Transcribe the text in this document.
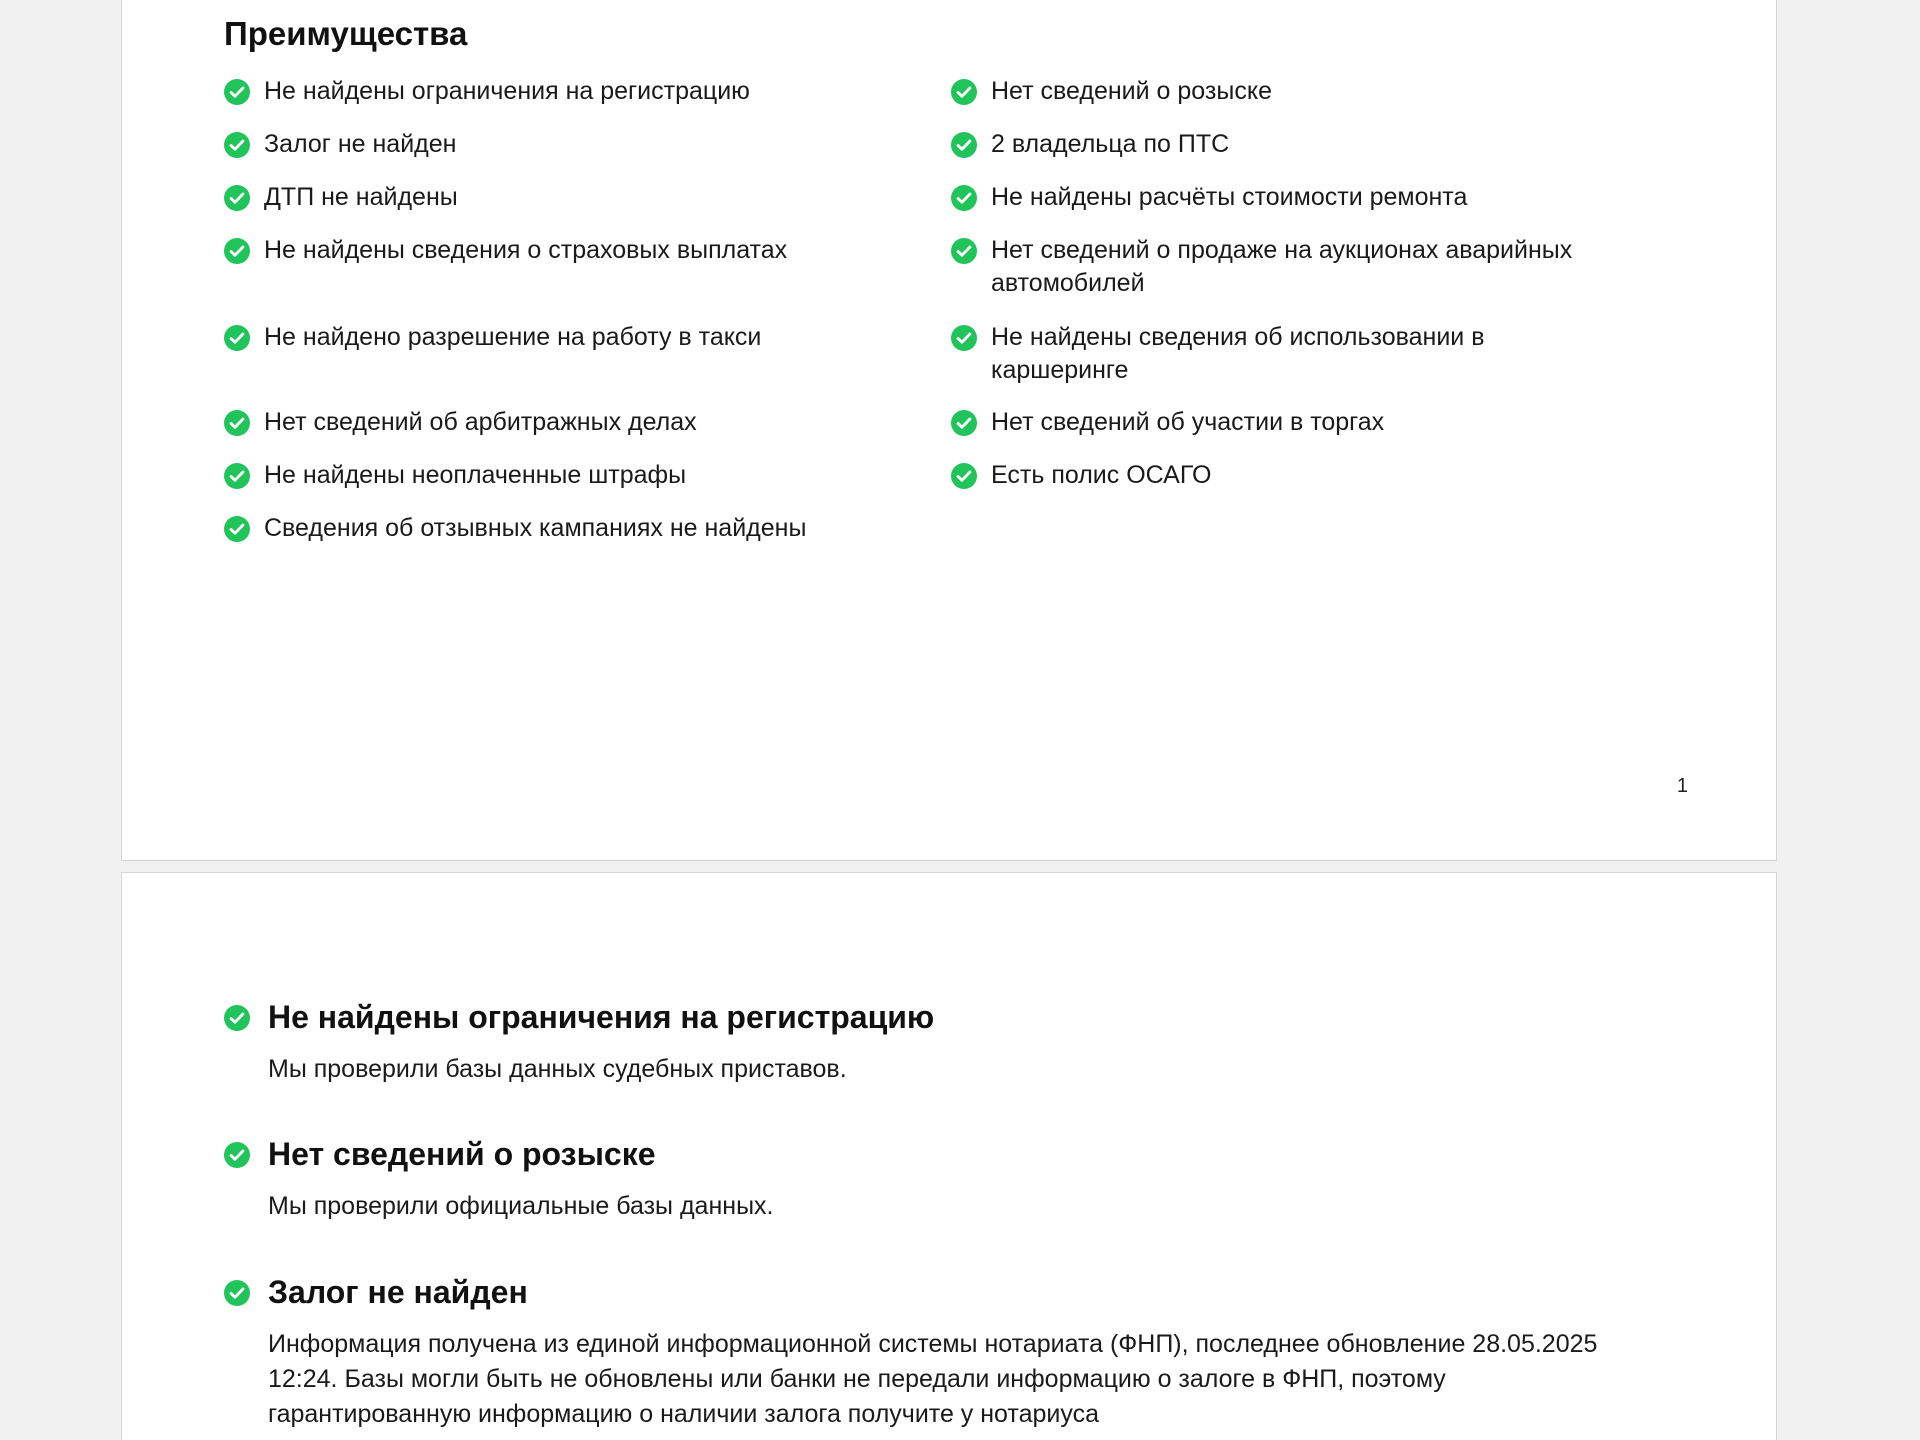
Преимущества
Не найдены ограничения на регистрацию
Залог не найден
ДТП не найдены
Не найдены сведения о страховых выплатах
Не найдено разрешение на работу в такси
Нет сведений об арбитражных делах
Не найдены неоплаченные штрафы
Сведения об отзывных кампаниях не найдены
Нет сведений о розыске
2 владельца по ПТС
Не найдены расчёты стоимости ремонта
Нет сведений о продаже на аукционах аварийных автомобилей
Не найдены сведения об использовании в каршеринге
Нет сведений об участии в торгах
Есть полис ОСАГО
1
Не найдены ограничения на регистрацию

Мы проверили базы данных судебных приставов.

Нет сведений о розыске

Мы проверили официальные базы данных.

Залог не найден

Информация получена из единой информационной системы нотариата (ФНП), последнее обновление 28.05.2025 12:24. Базы могли быть не обновлены или банки не передали информацию о залоге в ФНП, поэтому гарантированную информацию о наличии залога получите у нотариуса
